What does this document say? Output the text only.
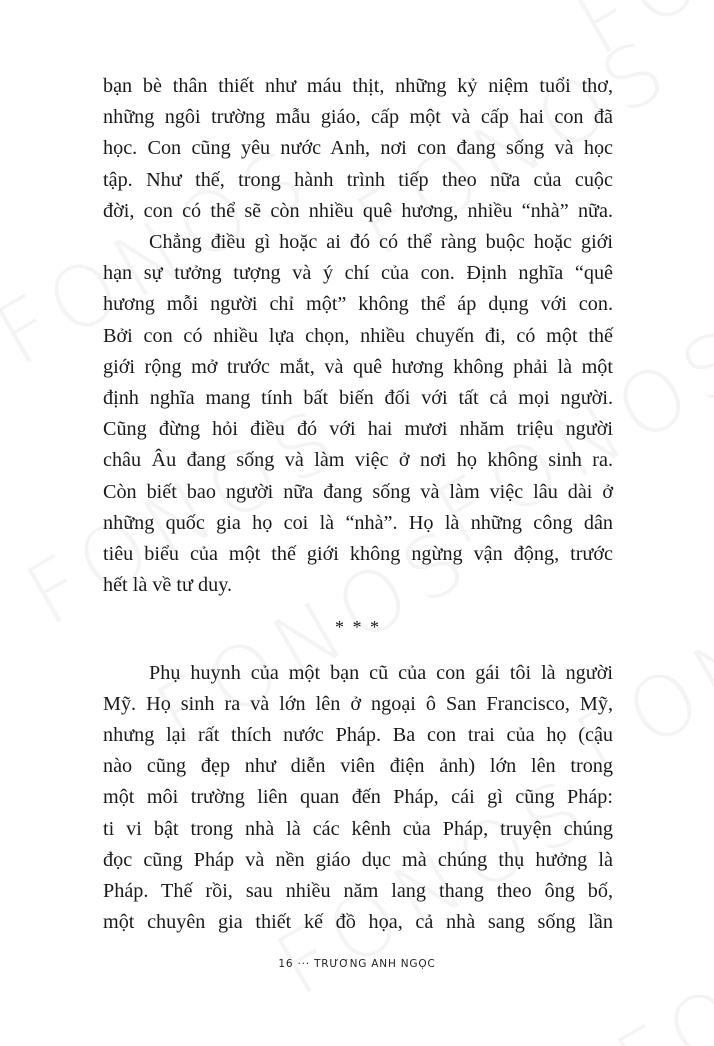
bạn bè thân thiết như máu thịt, những kỷ niệm tuổi thơ,
những ngôi trường mẫu giáo, cấp một và cấp hai con đã
học. Con cũng yêu nước Anh, nơi con đang sống và học
tập. Như thế, trong hành trình tiếp theo nữa của cuộc
đời, con có thể sẽ còn nhiều quê hương, nhiều “nhà” nữa.

Chẳng điều gì hoặc ai đó có thể ràng buộc hoặc giới
hạn sự tưởng tượng và ý chí của con. Định nghĩa “quê
hương mỗi người chỉ một” không thể áp dụng với con.
Bởi con có nhiều lựa chọn, nhiều chuyến đi, có một thế
giới rộng mở trước mắt, và quê hương không phải là một
định nghĩa mang tính bất biến đối với tất cả mọi người.
Cũng đừng hỏi điều đó với hai mươi nhăm triệu người
châu Âu đang sống và làm việc ở nơi họ không sinh ra.
Còn biết bao người nữa đang sống và làm việc lâu dài ở
những quốc gia họ coi là “nhà”. Họ là những công dân
tiêu biểu của một thế giới không ngừng vận động, trước
hết là về tư duy.

* * *

Phụ huynh của một bạn cũ của con gái tôi là người
Mỹ. Họ sinh ra và lớn lên ở ngoại ô San Francisco, Mỹ,
nhưng lại rất thích nước Pháp. Ba con trai của họ (cậu
nào cũng đẹp như diễn viên điện ảnh) lớn lên trong
một môi trường liên quan đến Pháp, cái gì cũng Pháp:
ti vi bật trong nhà là các kênh của Pháp, truyện chúng
đọc cũng Pháp và nền giáo dục mà chúng thụ hưởng là
Pháp. Thế rồi, sau nhiều năm lang thang theo ông bố,
một chuyên gia thiết kế đồ họa, cả nhà sang sống lần

16 ··· TRƯƠNG ANH NGỌC
